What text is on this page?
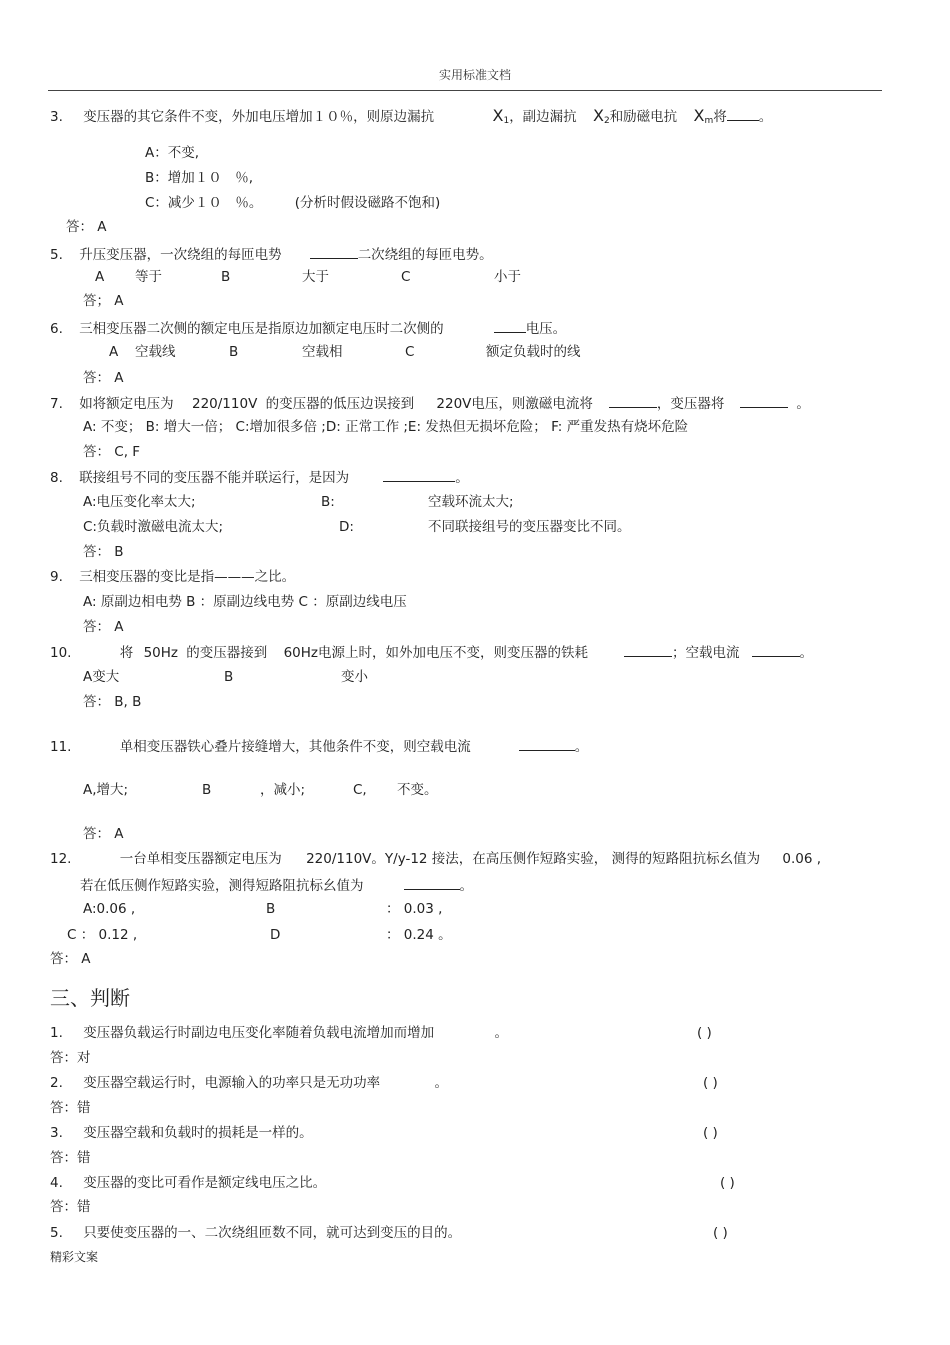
实用标准文档
3. 变压器的其它条件不变，外加电压增加１０％，则原边漏抗	$X_1$，副边漏抗 $X_2$和励磁电抗 $X_m$将 。
A：不变,
B：增加１０　％,
C：减少１０　％。 (分析时假设磁路不饱和)
答： A
5. 升压变压器，一次绕组的每匝电势	二次绕组的每匝电势。
A 等于	B	大于	C	小于
答； A
6. 三相变压器二次侧的额定电压是指原边加额定电压时二次侧的	电压。
A 空载线	B	空载相	C	额定负载时的线
答： A
7. 如将额定电压为 220/110V 的变压器的低压边误接到 220V电压，则激磁电流将	，变压器将	。
A: 不变； B: 增大一倍； C:增加很多倍 ;D: 正常工作 ;E: 发热但无损坏危险； F: 严重发热有烧坏危险
答： C, F
8. 联接组号不同的变压器不能并联运行，是因为	。
A:电压变化率太大;	B:	空载环流太大;
C:负载时激磁电流太大;	D:	不同联接组号的变压器变比不同。
答： B
9. 三相变压器的变比是指———之比。
A: 原副边相电势 B ：原副边线电势 C ：原副边线电压
答： A
10.	将 50Hz 的变压器接到 60Hz电源上时，如外加电压不变，则变压器的铁耗	；空载电流	。
A变大	B	变小
答： B, B
11.	单相变压器铁心叠片接缝增大，其他条件不变，则空载电流	。
A,增大;	B	，减小;	C, 不变。
答： A
12.	一台单相变压器额定电压为 220/110V。Y/y-12 接法，在高压侧作短路实验， 测得的短路阻抗标幺值为 0.06 ,
若在低压侧作短路实验，测得短路阻抗标幺值为	。
A:0.06 ,	B	： 0.03 ,
C ： 0.12 ,	D	： 0.24 。
答： A
三、判断
1. 变压器负载运行时副边电压变化率随着负载电流增加而增加	。	( )
答：对
2. 变压器空载运行时，电源输入的功率只是无功功率	。	( )
答：错
3. 变压器空载和负载时的损耗是一样的。	( )
答：错
4. 变压器的变比可看作是额定线电压之比。	( )
答：错
5. 只要使变压器的一、二次绕组匝数不同，就可达到变压的目的。	( )
精彩文案
